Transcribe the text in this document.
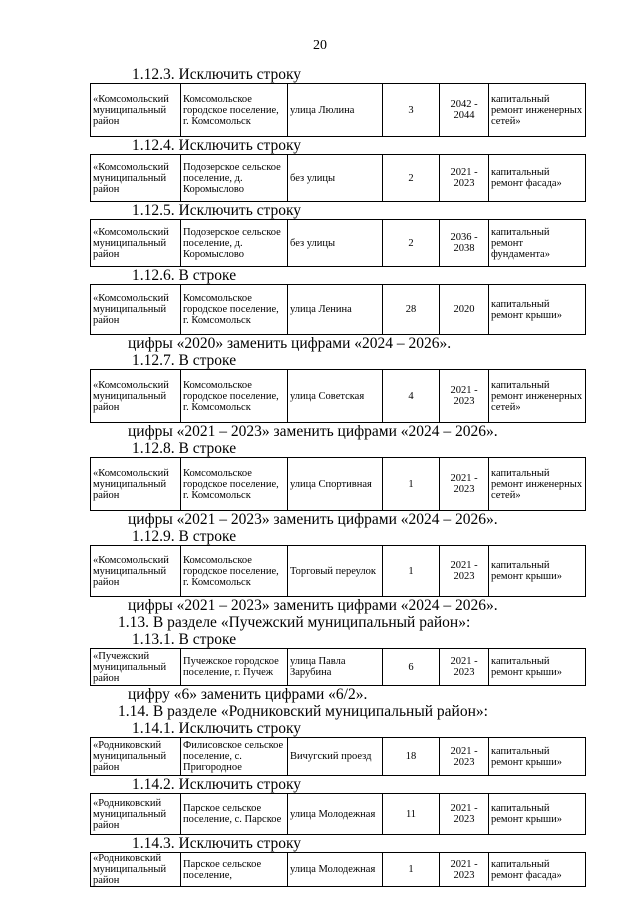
20
1.12.3. Исключить строку
«Комсомольский муниципальный район	Комсомольское городское поселение, г. Комсомольск	улица Люлина	3	2042 - 2044	капитальный ремонт инженерных сетей»
1.12.4. Исключить строку
«Комсомольский муниципальный район	Подозерское сельское поселение, д. Коромыслово	без улицы	2	2021 - 2023	капитальный ремонт фасада»
1.12.5. Исключить строку
«Комсомольский муниципальный район	Подозерское сельское поселение, д. Коромыслово	без улицы	2	2036 - 2038	капитальный ремонт фундамента»
1.12.6. В строке
«Комсомольский муниципальный район	Комсомольское городское поселение, г. Комсомольск	улица Ленина	28	2020	капитальный ремонт крыши»
цифры «2020» заменить цифрами «2024 – 2026».
1.12.7. В строке
«Комсомольский муниципальный район	Комсомольское городское поселение, г. Комсомольск	улица Советская	4	2021 - 2023	капитальный ремонт инженерных сетей»
цифры «2021 – 2023» заменить цифрами «2024 – 2026».
1.12.8. В строке
«Комсомольский муниципальный район	Комсомольское городское поселение, г. Комсомольск	улица Спортивная	1	2021 - 2023	капитальный ремонт инженерных сетей»
цифры «2021 – 2023» заменить цифрами «2024 – 2026».
1.12.9. В строке
«Комсомольский муниципальный район	Комсомольское городское поселение, г. Комсомольск	Торговый переулок	1	2021 - 2023	капитальный ремонт крыши»
цифры «2021 – 2023» заменить цифрами «2024 – 2026».
1.13. В разделе «Пучежский муниципальный район»:
1.13.1. В строке
«Пучежский муниципальный район	Пучежское городское поселение, г. Пучеж	улица Павла Зарубина	6	2021 - 2023	капитальный ремонт крыши»
цифру «6» заменить цифрами «6/2».
1.14. В разделе «Родниковский муниципальный район»:
1.14.1. Исключить строку
«Родниковский муниципальный район	Филисовское сельское поселение, с. Пригородное	Вичугский проезд	18	2021 - 2023	капитальный ремонт крыши»
1.14.2. Исключить строку
«Родниковский муниципальный район	Парское сельское поселение, с. Парское	улица Молодежная	11	2021 - 2023	капитальный ремонт крыши»
1.14.3. Исключить строку
«Родниковский муниципальный район	Парское сельское поселение,	улица Молодежная	1	2021 - 2023	капитальный ремонт фасада»
